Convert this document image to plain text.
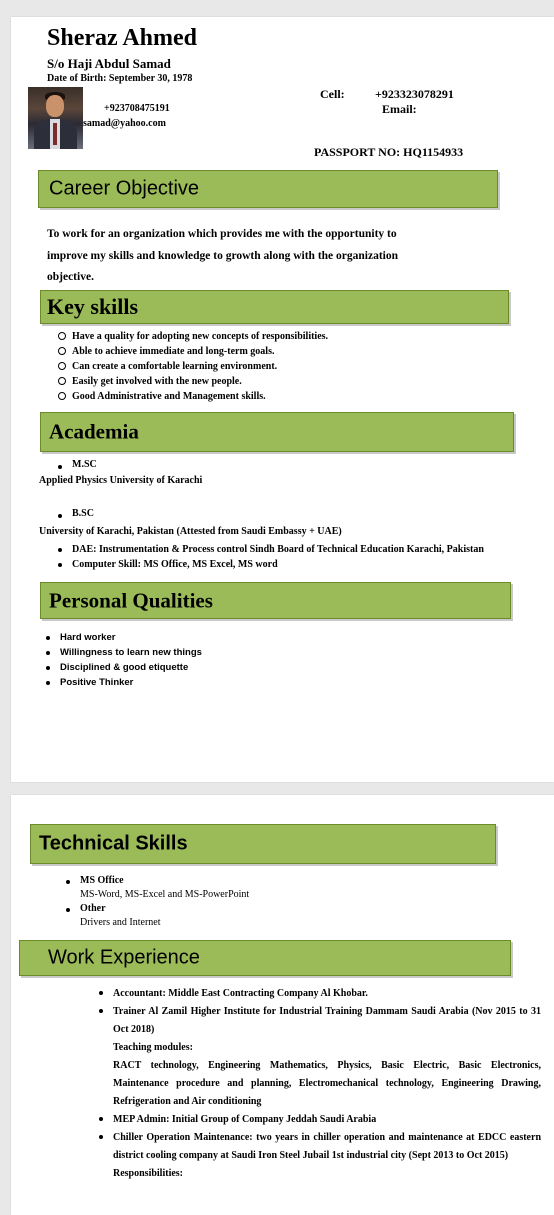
Sheraz Ahmed
S/o Haji Abdul Samad
Date of Birth: September 30, 1978
Cell:	+923323078291
+923708475191	Email:
samad@yahoo.com
PASSPORT NO: HQ1154933
Career Objective
To work for an organization which provides me with the opportunity to
improve my skills and knowledge to growth along with the organization
objective.
Key skills
Have a quality for adopting new concepts of responsibilities.
Able to achieve immediate and long-term goals.
Can create a comfortable learning environment.
Easily get involved with the new people.
Good Administrative and Management skills.
Academia
M.SC
Applied Physics University of Karachi
B.SC
University of Karachi, Pakistan (Attested from Saudi Embassy + UAE)
DAE: Instrumentation & Process control Sindh Board of Technical Education Karachi, Pakistan
Computer Skill: MS Office, MS Excel, MS word
Personal Qualities
Hard worker
Willingness to learn new things
Disciplined & good etiquette
Positive Thinker
Technical Skills
MS Office
MS-Word, MS-Excel and MS-PowerPoint
Other
Drivers and Internet
Work Experience
Accountant: Middle East Contracting Company Al Khobar.
Trainer Al Zamil Higher Institute for Industrial Training Dammam Saudi Arabia (Nov 2015 to 31 Oct 2018)
Teaching modules:
RACT technology, Engineering Mathematics, Physics, Basic Electric, Basic Electronics, Maintenance procedure and planning, Electromechanical technology, Engineering Drawing, Refrigeration and Air conditioning
MEP Admin: Initial Group of Company Jeddah Saudi Arabia
Chiller Operation Maintenance: two years in chiller operation and maintenance at EDCC eastern district cooling company at Saudi Iron Steel Jubail 1st industrial city (Sept 2013 to Oct 2015)
Responsibilities:
